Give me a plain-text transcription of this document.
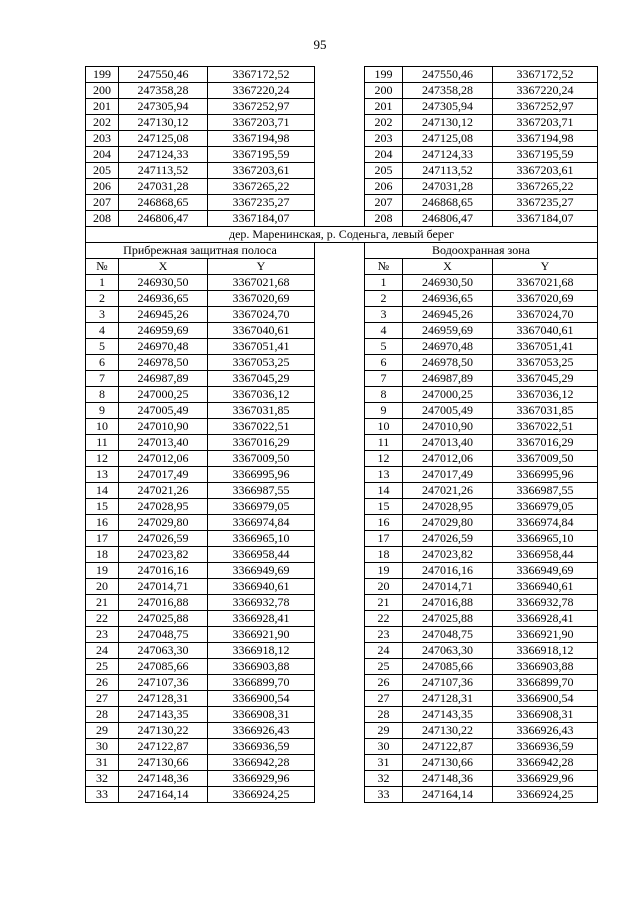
95
199	247550,46	3367172,52		199	247550,46	3367172,52
200	247358,28	3367220,24		200	247358,28	3367220,24
201	247305,94	3367252,97		201	247305,94	3367252,97
202	247130,12	3367203,71		202	247130,12	3367203,71
203	247125,08	3367194,98		203	247125,08	3367194,98
204	247124,33	3367195,59		204	247124,33	3367195,59
205	247113,52	3367203,61		205	247113,52	3367203,61
206	247031,28	3367265,22		206	247031,28	3367265,22
207	246868,65	3367235,27		207	246868,65	3367235,27
208	246806,47	3367184,07		208	246806,47	3367184,07
дер. Маренинская, р. Соденьга, левый берег						
Прибрежная защитная полоса				Водоохранная зона		
№	X	Y		№	X	Y
1	246930,50	3367021,68		1	246930,50	3367021,68
2	246936,65	3367020,69		2	246936,65	3367020,69
3	246945,26	3367024,70		3	246945,26	3367024,70
4	246959,69	3367040,61		4	246959,69	3367040,61
5	246970,48	3367051,41		5	246970,48	3367051,41
6	246978,50	3367053,25		6	246978,50	3367053,25
7	246987,89	3367045,29		7	246987,89	3367045,29
8	247000,25	3367036,12		8	247000,25	3367036,12
9	247005,49	3367031,85		9	247005,49	3367031,85
10	247010,90	3367022,51		10	247010,90	3367022,51
11	247013,40	3367016,29		11	247013,40	3367016,29
12	247012,06	3367009,50		12	247012,06	3367009,50
13	247017,49	3366995,96		13	247017,49	3366995,96
14	247021,26	3366987,55		14	247021,26	3366987,55
15	247028,95	3366979,05		15	247028,95	3366979,05
16	247029,80	3366974,84		16	247029,80	3366974,84
17	247026,59	3366965,10		17	247026,59	3366965,10
18	247023,82	3366958,44		18	247023,82	3366958,44
19	247016,16	3366949,69		19	247016,16	3366949,69
20	247014,71	3366940,61		20	247014,71	3366940,61
21	247016,88	3366932,78		21	247016,88	3366932,78
22	247025,88	3366928,41		22	247025,88	3366928,41
23	247048,75	3366921,90		23	247048,75	3366921,90
24	247063,30	3366918,12		24	247063,30	3366918,12
25	247085,66	3366903,88		25	247085,66	3366903,88
26	247107,36	3366899,70		26	247107,36	3366899,70
27	247128,31	3366900,54		27	247128,31	3366900,54
28	247143,35	3366908,31		28	247143,35	3366908,31
29	247130,22	3366926,43		29	247130,22	3366926,43
30	247122,87	3366936,59		30	247122,87	3366936,59
31	247130,66	3366942,28		31	247130,66	3366942,28
32	247148,36	3366929,96		32	247148,36	3366929,96
33	247164,14	3366924,25		33	247164,14	3366924,25
